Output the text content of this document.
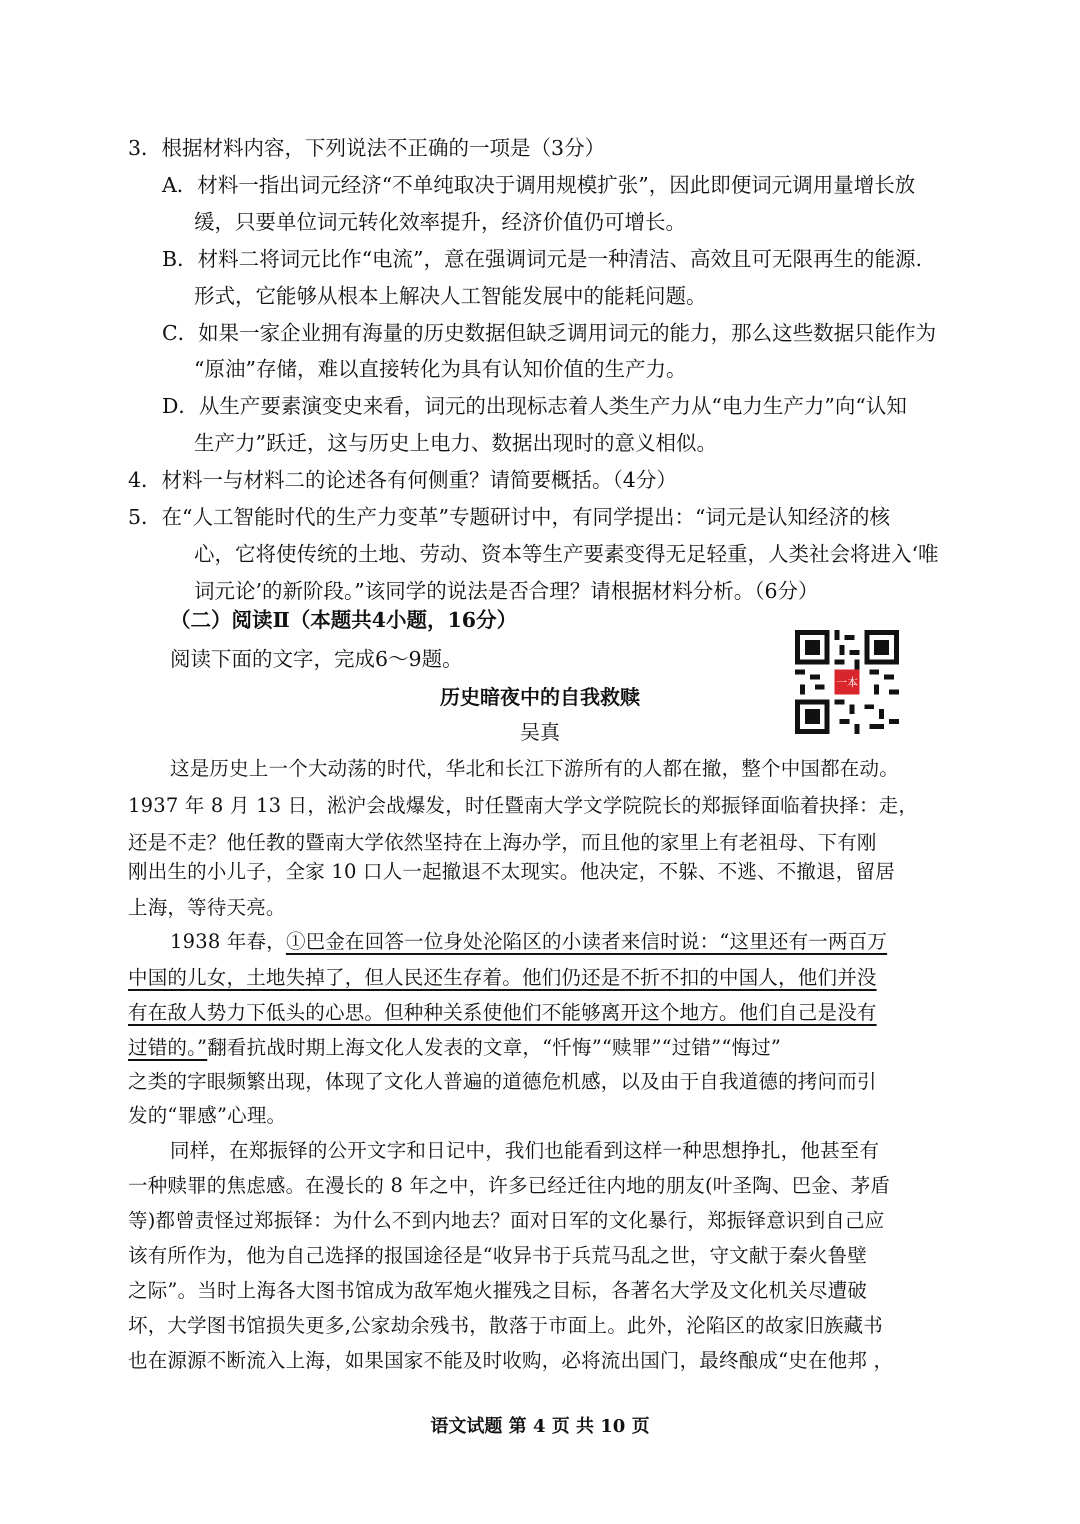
3．根据材料内容，下列说法不正确的一项是（3分）
A．材料一指出词元经济“不单纯取决于调用规模扩张”，因此即便词元调用量增长放
缓，只要单位词元转化效率提升，经济价值仍可增长。
B．材料二将词元比作“电流”，意在强调词元是一种清洁、高效且可无限再生的能源.
形式，它能够从根本上解决人工智能发展中的能耗问题。
C．如果一家企业拥有海量的历史数据但缺乏调用词元的能力，那么这些数据只能作为
“原油”存储，难以直接转化为具有认知价值的生产力。
D．从生产要素演变史来看，词元的出现标志着人类生产力从“电力生产力”向“认知
生产力”跃迁，这与历史上电力、数据出现时的意义相似。
4．材料一与材料二的论述各有何侧重？请简要概括。（4分）
5．在“人工智能时代的生产力变革”专题研讨中，有同学提出：“词元是认知经济的核
心，它将使传统的土地、劳动、资本等生产要素变得无足轻重，人类社会将进入‘唯
词元论’的新阶段。”该同学的说法是否合理？请根据材料分析。（6分）
（二）阅读Ⅱ（本题共4小题，16分）
阅读下面的文字，完成6～9题。
一本
历史暗夜中的自我救赎
吴真
这是历史上一个大动荡的时代，华北和长江下游所有的人都在撤，整个中国都在动。
1937 年 8 月 13 日，淞沪会战爆发，时任暨南大学文学院院长的郑振铎面临着抉择：走，
还是不走？他任教的暨南大学依然坚持在上海办学，而且他的家里上有老祖母、下有刚
刚出生的小儿子，全家 10 口人一起撤退不太现实。他决定，不躲、不逃、不撤退，留居
上海，等待天亮。
1938 年春，①巴金在回答一位身处沦陷区的小读者来信时说：“这里还有一两百万
中国的儿女，土地失掉了，但人民还生存着。他们仍还是不折不扣的中国人，他们并没
有在敌人势力下低头的心思。但种种关系使他们不能够离开这个地方。他们自己是没有
过错的。”翻看抗战时期上海文化人发表的文章，“忏悔”“赎罪”“过错”“悔过”
之类的字眼频繁出现，体现了文化人普遍的道德危机感，以及由于自我道德的拷问而引
发的“罪感”心理。
同样，在郑振铎的公开文字和日记中，我们也能看到这样一种思想挣扎，他甚至有
一种赎罪的焦虑感。在漫长的 8 年之中，许多已经迁往内地的朋友(叶圣陶、巴金、茅盾
等)都曾责怪过郑振铎：为什么不到内地去？面对日军的文化暴行，郑振铎意识到自己应
该有所作为，他为自己选择的报国途径是“收异书于兵荒马乱之世，守文献于秦火鲁壁
之际”。当时上海各大图书馆成为敌军炮火摧残之目标，各著名大学及文化机关尽遭破
坏，大学图书馆损失更多,公家劫余残书，散落于市面上。此外，沦陷区的故家旧族藏书
也在源源不断流入上海，如果国家不能及时收购，必将流出国门，最终酿成“史在他邦 ，
语文试题 第 4 页 共 10 页
